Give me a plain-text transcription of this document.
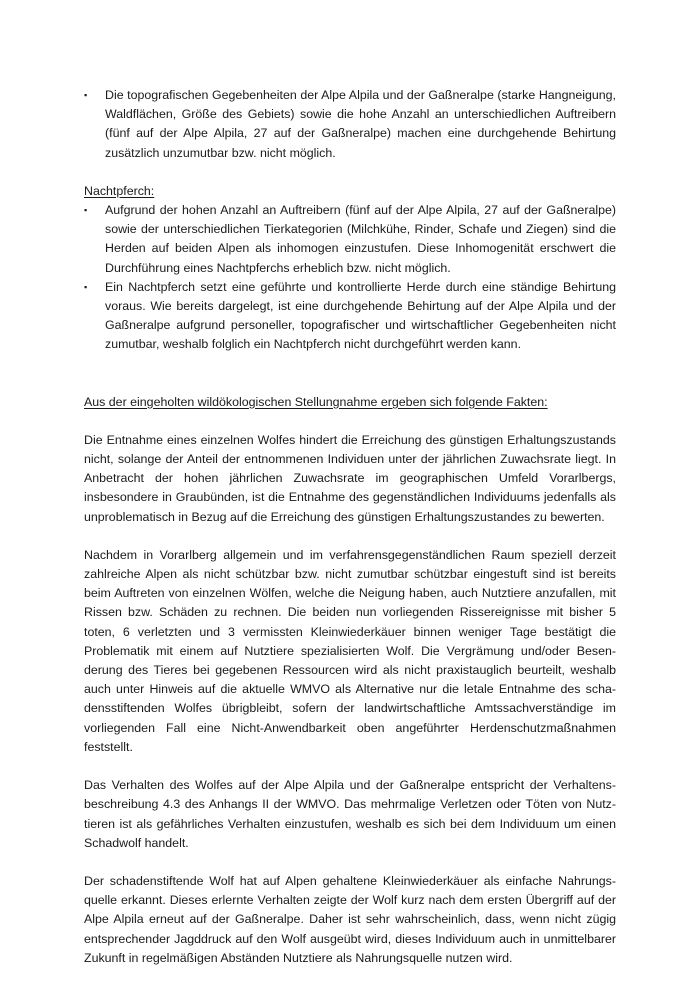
▪	Die topografischen Gegebenheiten der Alpe Alpila und der Gaßneralpe (starke Hangneigung, Waldflächen, Größe des Gebiets) sowie die hohe Anzahl an unterschiedlichen Auftreibern (fünf auf der Alpe Alpila, 27 auf der Gaßneralpe) machen eine durchgehende Behirtung zusätzlich unzumutbar bzw. nicht möglich.
Nachtpferch:
▪	Aufgrund der hohen Anzahl an Auftreibern (fünf auf der Alpe Alpila, 27 auf der Gaßneralpe) sowie der unterschiedlichen Tierkategorien (Milchkühe, Rinder, Schafe und Ziegen) sind die Herden auf beiden Alpen als inhomogen einzustufen. Diese Inhomogenität erschwert die Durchführung eines Nachtpferchs erheblich bzw. nicht möglich.
▪	Ein Nachtpferch setzt eine geführte und kontrollierte Herde durch eine ständige Behirtung voraus. Wie bereits dargelegt, ist eine durchgehende Behirtung auf der Alpe Alpila und der Gaßneralpe aufgrund personeller, topografischer und wirtschaftlicher Gegebenheiten nicht zumutbar, weshalb folglich ein Nachtpferch nicht durchgeführt werden kann.
Aus der eingeholten wildökologischen Stellungnahme ergeben sich folgende Fakten:

Die Entnahme eines einzelnen Wolfes hindert die Erreichung des günstigen Erhaltungszustands nicht, solange der Anteil der entnommenen Individuen unter der jährlichen Zuwachsrate liegt. In Anbetracht der hohen jährlichen Zuwachsrate im geographischen Umfeld Vorarlbergs, insbesondere in Graubünden, ist die Entnahme des gegenständlichen Individuums jedenfalls als unproblematisch in Bezug auf die Erreichung des günstigen Erhaltungszustandes zu bewerten.

Nachdem in Vorarlberg allgemein und im verfahrensgegenständlichen Raum speziell derzeit zahlreiche Alpen als nicht schützbar bzw. nicht zumutbar schützbar eingestuft sind ist bereits beim Auftreten von einzelnen Wölfen, welche die Neigung haben, auch Nutztiere anzufallen, mit Rissen bzw. Schäden zu rechnen. Die beiden nun vorliegenden Rissereignisse mit bisher 5 toten, 6 verletzten und 3 vermissten Kleinwiederkäuer binnen weniger Tage bestätigt die Problematik mit einem auf Nutztiere spezialisierten Wolf. Die Vergrämung und/oder Besenderung des Tieres bei gegebenen Ressourcen wird als nicht praxistauglich beurteilt, weshalb auch unter Hinweis auf die aktuelle WMVO als Alternative nur die letale Entnahme des schadensstiftenden Wolfes übrigbleibt, sofern der landwirtschaftliche Amtssachverständige im vorliegenden Fall eine Nicht-Anwendbarkeit oben angeführter Herdenschutzmaßnahmen feststellt.

Das Verhalten des Wolfes auf der Alpe Alpila und der Gaßneralpe entspricht der Verhaltensbeschreibung 4.3 des Anhangs II der WMVO. Das mehrmalige Verletzen oder Töten von Nutztieren ist als gefährliches Verhalten einzustufen, weshalb es sich bei dem Individuum um einen Schadwolf handelt.

Der schadenstiftende Wolf hat auf Alpen gehaltene Kleinwiederkäuer als einfache Nahrungsquelle erkannt. Dieses erlernte Verhalten zeigte der Wolf kurz nach dem ersten Übergriff auf der Alpe Alpila erneut auf der Gaßneralpe. Daher ist sehr wahrscheinlich, dass, wenn nicht zügig entsprechender Jagddruck auf den Wolf ausgeübt wird, dieses Individuum auch in unmittelbarer Zukunft in regelmäßigen Abständen Nutztiere als Nahrungsquelle nutzen wird.
